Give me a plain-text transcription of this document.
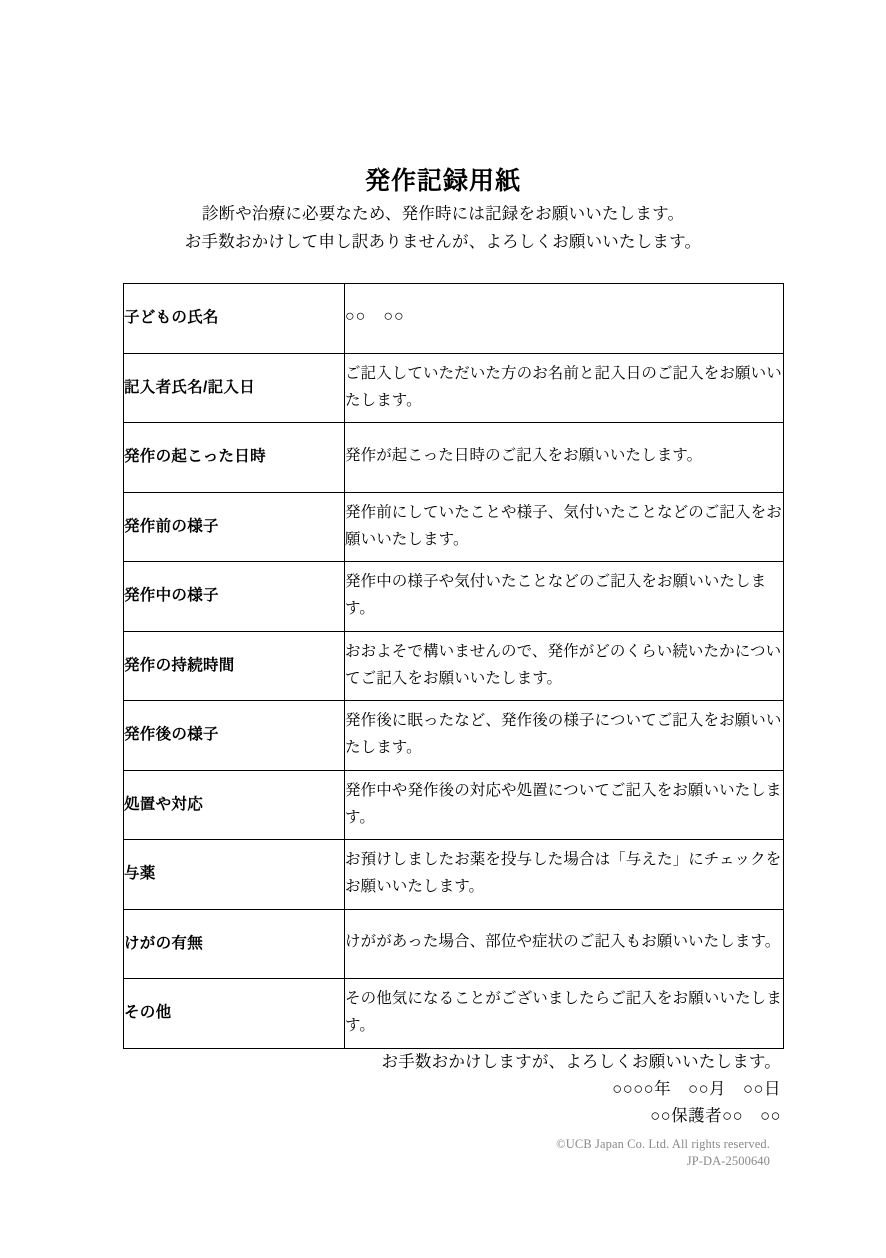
発作記録用紙
診断や治療に必要なため、発作時には記録をお願いいたします。
お手数おかけして申し訳ありませんが、よろしくお願いいたします。
子どもの氏名	○○　○○

記入者氏名/記入日	ご記入していただいた方のお名前と記入日のご記入をお願いいたします。

発作の起こった日時	発作が起こった日時のご記入をお願いいたします。

発作前の様子	発作前にしていたことや様子、気付いたことなどのご記入をお願いいたします。

発作中の様子	発作中の様子や気付いたことなどのご記入をお願いいたします。

発作の持続時間	おおよそで構いませんので、発作がどのくらい続いたかについてご記入をお願いいたします。

発作後の様子	発作後に眠ったなど、発作後の様子についてご記入をお願いいたします。

処置や対応	発作中や発作後の対応や処置についてご記入をお願いいたします。

与薬	お預けしましたお薬を投与した場合は「与えた」にチェックをお願いいたします。

けがの有無	けががあった場合、部位や症状のご記入もお願いいたします。

その他	その他気になることがございましたらご記入をお願いいたします。
お手数おかけしますが、よろしくお願いいたします。
○○○○年　○○月　○○日
○○保護者○○　○○
©UCB Japan Co. Ltd. All rights reserved.
JP-DA-2500640
